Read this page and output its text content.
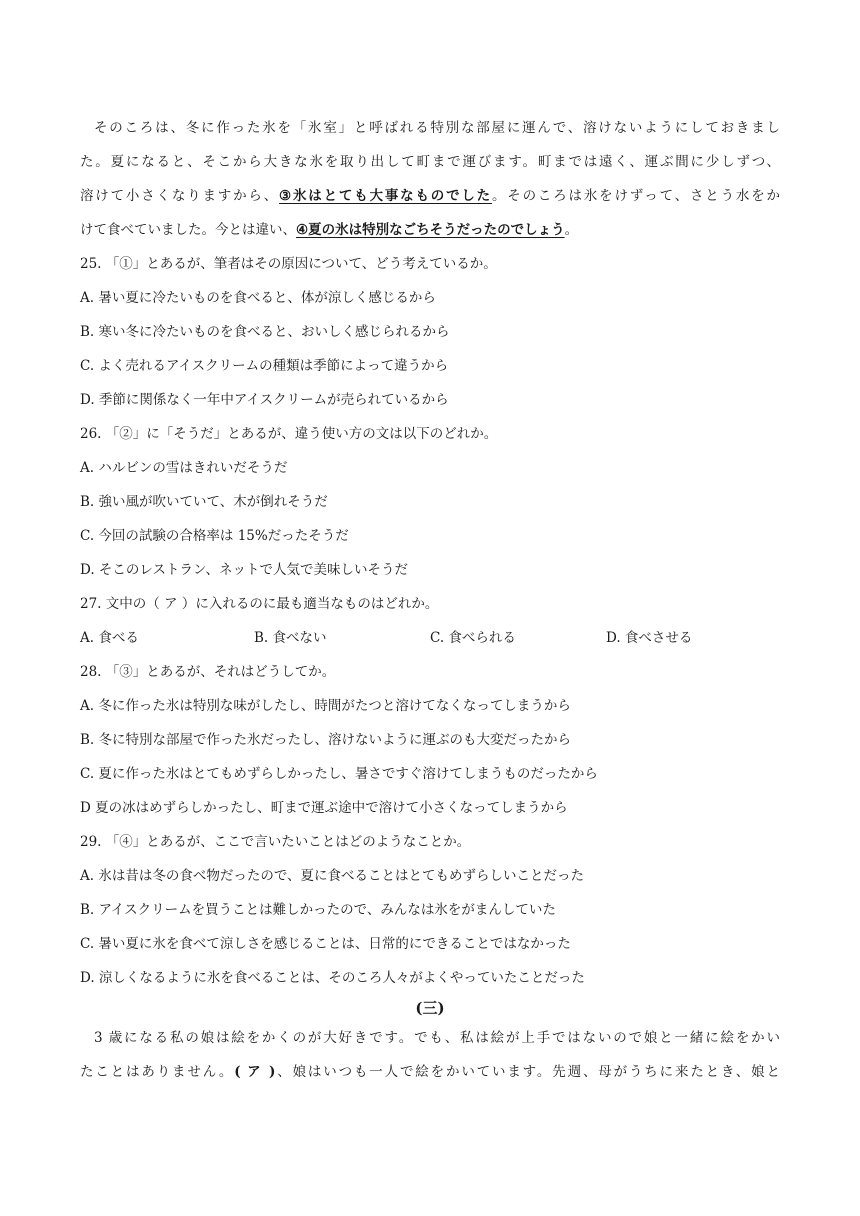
そのころは、冬に作った氷を「氷室」と呼ばれる特別な部屋に運んで、溶けないようにしておきまし
た。夏になると、そこから大きな氷を取り出して町まで運びます。町までは遠く、運ぶ間に少しずつ、
溶けて小さくなりますから、③氷はとても大事なものでした。そのころは氷をけずって、さとう水をか
けて食べていました。今とは違い、④夏の氷は特別なごちそうだったのでしょう。
25. 「①」とあるが、筆者はその原因について、どう考えているか。
A. 暑い夏に冷たいものを食べると、体が涼しく感じるから
B. 寒い冬に冷たいものを食べると、おいしく感じられるから
C. よく売れるアイスクリームの種類は季節によって違うから
D. 季節に関係なく一年中アイスクリームが売られているから
26. 「②」に「そうだ」とあるが、違う使い方の文は以下のどれか。
A. ハルビンの雪はきれいだそうだ
B. 強い風が吹いていて、木が倒れそうだ
C. 今回の試験の合格率は 15%だったそうだ
D. そこのレストラン、ネットで人気で美味しいそうだ
27. 文中の（ ア ）に入れるのに最も適当なものはどれか。
A. 食べる	B. 食べない	C. 食べられる	D. 食べさせる
28. 「③」とあるが、それはどうしてか。
A. 冬に作った氷は特別な味がしたし、時間がたつと溶けてなくなってしまうから
B. 冬に特別な部屋で作った氷だったし、溶けないように運ぶのも大変だったから
C. 夏に作った氷はとてもめずらしかったし、暑さですぐ溶けてしまうものだったから
D 夏の冰はめずらしかったし、町まで運ぶ途中で溶けて小さくなってしまうから
29. 「④」とあるが、ここで言いたいことはどのようなことか。
A. 氷は昔は冬の食べ物だったので、夏に食べることはとてもめずらしいことだった
B. アイスクリームを買うことは難しかったので、みんなは氷をがまんしていた
C. 暑い夏に氷を食べて涼しさを感じることは、日常的にできることではなかった
D. 涼しくなるように氷を食べることは、そのころ人々がよくやっていたことだった
(三)
3 歳になる私の娘は絵をかくのが大好きです。でも、私は絵が上手ではないので娘と一緒に絵をかい
たことはありません。( ア )、娘はいつも一人で絵をかいています。先週、母がうちに来たとき、娘と
